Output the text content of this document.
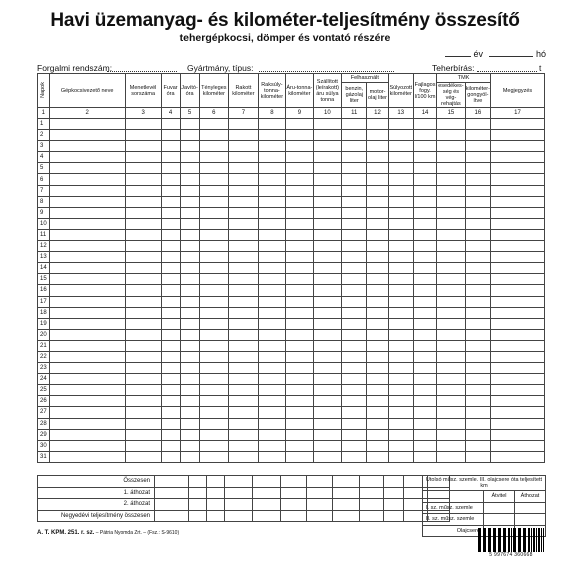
Havi üzemanyag- és kilométer-teljesítmény összesítő
tehergépkocsi, dömper és vontató részére
év	hó
Forgalmi rendszám:	Gyártmány, típus:	Teherbírás:	t
Napok	Gépkocsivezető neve	Menetlevél sorszáma	Fuvar óra	Javító- óra	Tényleges kilométer	Rakott kilométer	Raksúly- tonna- kilométer	Áru-tonna- kilométer	Szállított (leírakott) áru súlya tonna	Felhasznált		Súlyozott kilométer	Fajlagos fogy. l/100 km	TMK		Megjegyzés
										benzin, gázolaj liter	motor- olaj liter			esedékes- ség és vég- rehajtás	kilométer- gongyöl- ítve	
1	2	3	4	5	6	7	8	9	10	11	12	13	14	15	16	17
1																
2																
3																
4																
5																
6																
7																
8																
9																
10																
11																
12																
13																
14																
15																
16																
17																
18																
19																
20																
21																
22																
23																
24																
25																
26																
27																
28																
29																
30																
31																
Összesen												
1. áthozat												
2. áthozat												
Negyedévi teljesítmény összesen												
Utolsó műsz. szemle. III. olajcsere óta teljesített km		
	Átvitel	Áthozat
I. sz. műsz. szemle		
II. sz. műsz. szemle		
Olajcsere		
A. T. KPM. 251. r. sz. – Pátria Nyomda Zrt. – (Fsz.: S-9610)
5 997674 360668
